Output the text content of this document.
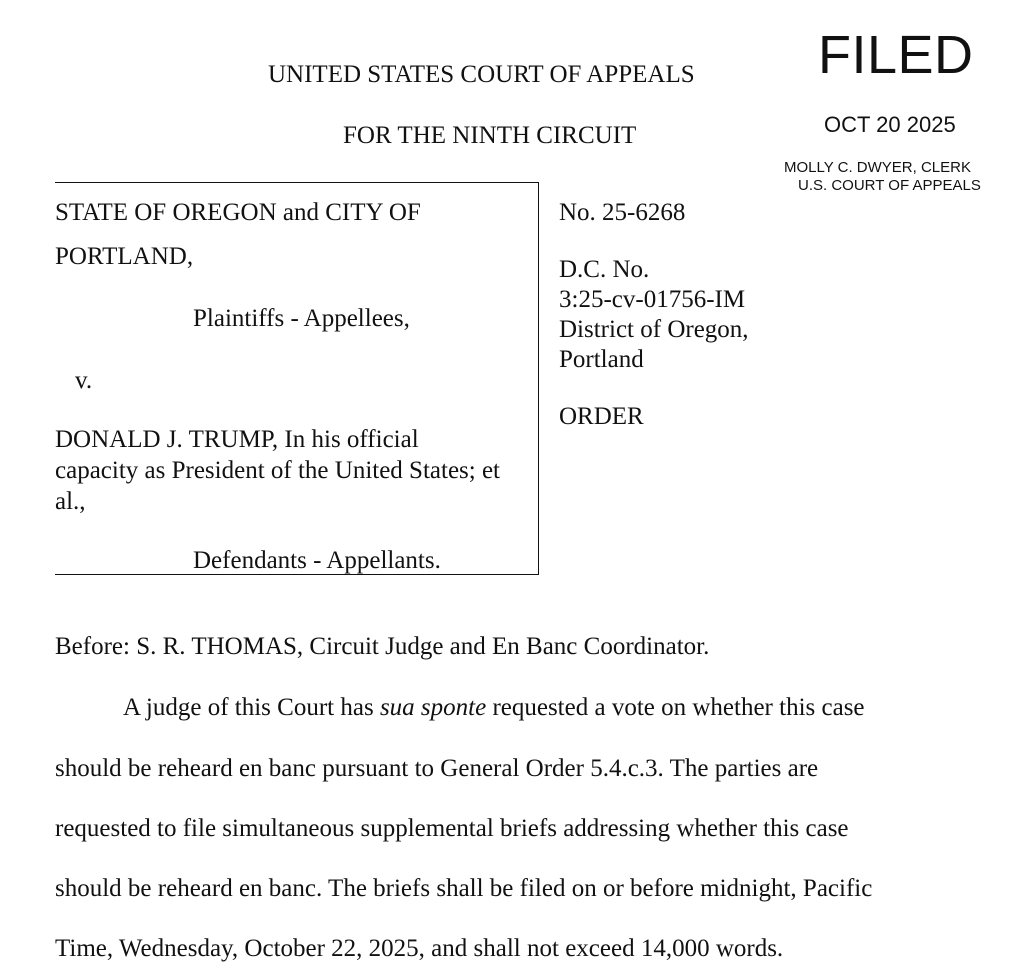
UNITED STATES COURT OF APPEALS
FOR THE NINTH CIRCUIT
FILED
OCT 20 2025
MOLLY C. DWYER, CLERK
U.S. COURT OF APPEALS
STATE OF OREGON and CITY OF
PORTLAND,
Plaintiffs - Appellees,
v.
DONALD J. TRUMP, In his official
capacity as President of the United States; et
al.,
Defendants - Appellants.
No. 25-6268
D.C. No.
3:25-cv-01756-IM
District of Oregon,
Portland
ORDER
Before: S. R. THOMAS, Circuit Judge and En Banc Coordinator.
A judge of this Court has sua sponte requested a vote on whether this case
should be reheard en banc pursuant to General Order 5.4.c.3. The parties are
requested to file simultaneous supplemental briefs addressing whether this case
should be reheard en banc. The briefs shall be filed on or before midnight, Pacific
Time, Wednesday, October 22, 2025, and shall not exceed 14,000 words.
